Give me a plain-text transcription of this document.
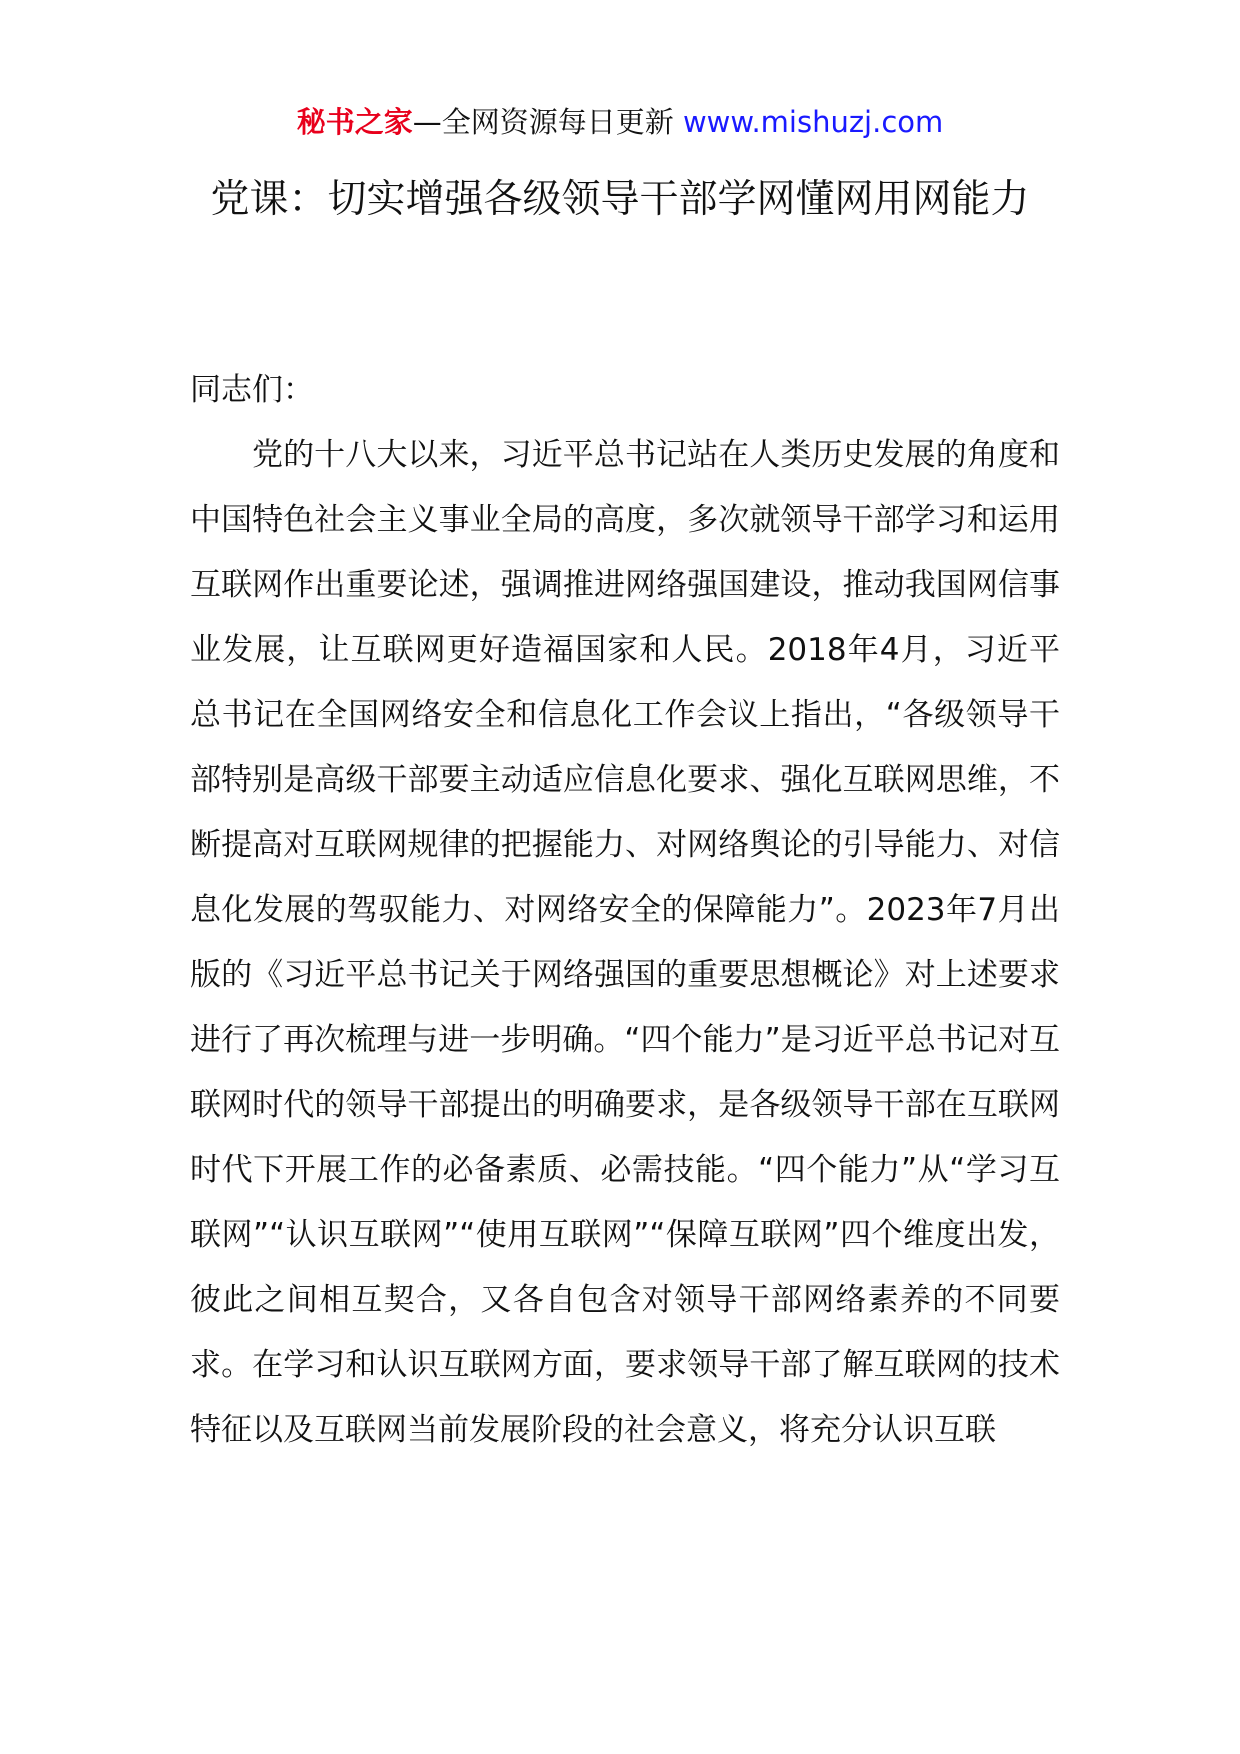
秘书之家—全网资源每日更新 www.mishuzj.com
党课：切实增强各级领导干部学网懂网用网能力

同志们：

党的十八大以来，习近平总书记站在人类历史发展的角度和中国特色社会主义事业全局的高度，多次就领导干部学习和运用互联网作出重要论述，强调推进网络强国建设，推动我国网信事业发展，让互联网更好造福国家和人民。2018年4月，习近平总书记在全国网络安全和信息化工作会议上指出，“各级领导干部特别是高级干部要主动适应信息化要求、强化互联网思维，不断提高对互联网规律的把握能力、对网络舆论的引导能力、对信息化发展的驾驭能力、对网络安全的保障能力”。2023年7月出版的《习近平总书记关于网络强国的重要思想概论》对上述要求进行了再次梳理与进一步明确。“四个能力”是习近平总书记对互联网时代的领导干部提出的明确要求，是各级领导干部在互联网时代下开展工作的必备素质、必需技能。“四个能力”从“学习互联网”“认识互联网”“使用互联网”“保障互联网”四个维度出发，彼此之间相互契合，又各自包含对领导干部网络素养的不同要求。在学习和认识互联网方面，要求领导干部了解互联网的技术特征以及互联网当前发展阶段的社会意义，将充分认识互联
